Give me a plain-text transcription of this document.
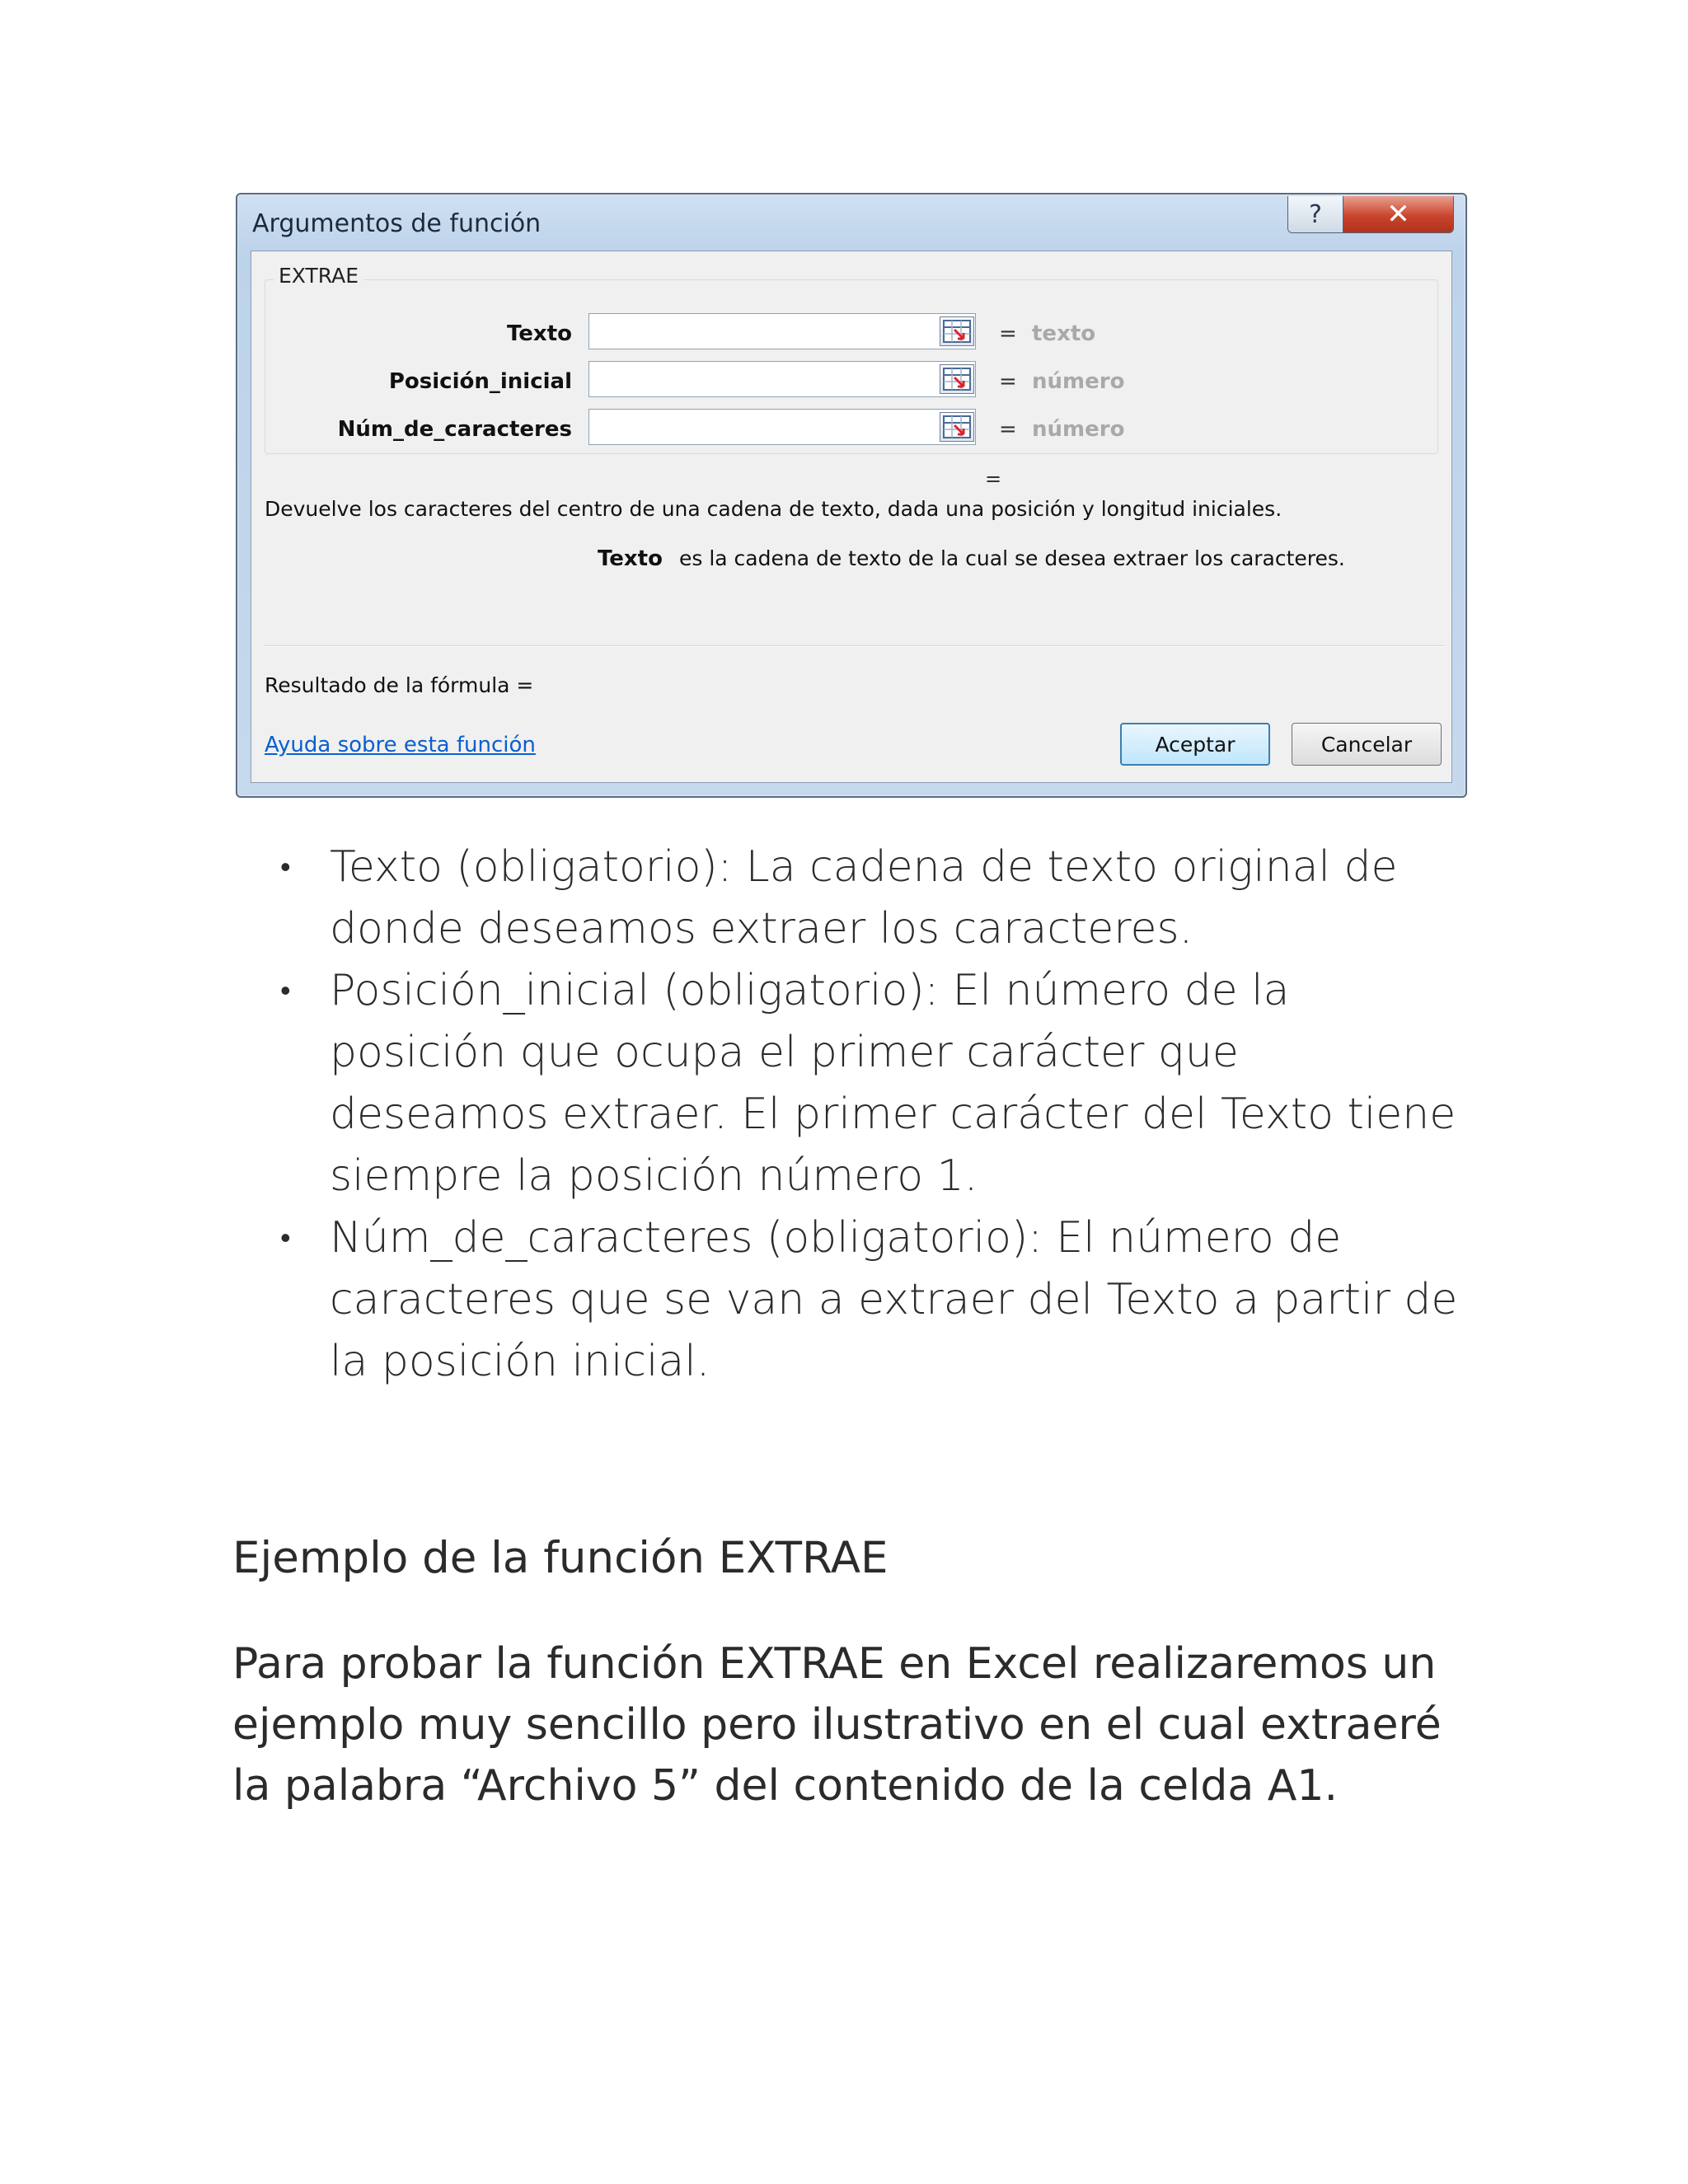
Argumentos de función	? ✕
EXTRAE
Texto	= texto
Posición_inicial	= número
Núm_de_caracteres	= número
=
Devuelve los caracteres del centro de una cadena de texto, dada una posición y longitud iniciales.
Texto es la cadena de texto de la cual se desea extraer los caracteres.
Resultado de la fórmula =
Ayuda sobre esta función	Aceptar	Cancelar
• Texto (obligatorio): La cadena de texto original de donde deseamos extraer los caracteres.
• Posición_inicial (obligatorio): El número de la posición que ocupa el primer carácter que deseamos extraer. El primer carácter del Texto tiene siempre la posición número 1.
• Núm_de_caracteres (obligatorio): El número de caracteres que se van a extraer del Texto a partir de la posición inicial.
Ejemplo de la función EXTRAE
Para probar la función EXTRAE en Excel realizaremos un ejemplo muy sencillo pero ilustrativo en el cual extraeré la palabra “Archivo 5” del contenido de la celda A1.
